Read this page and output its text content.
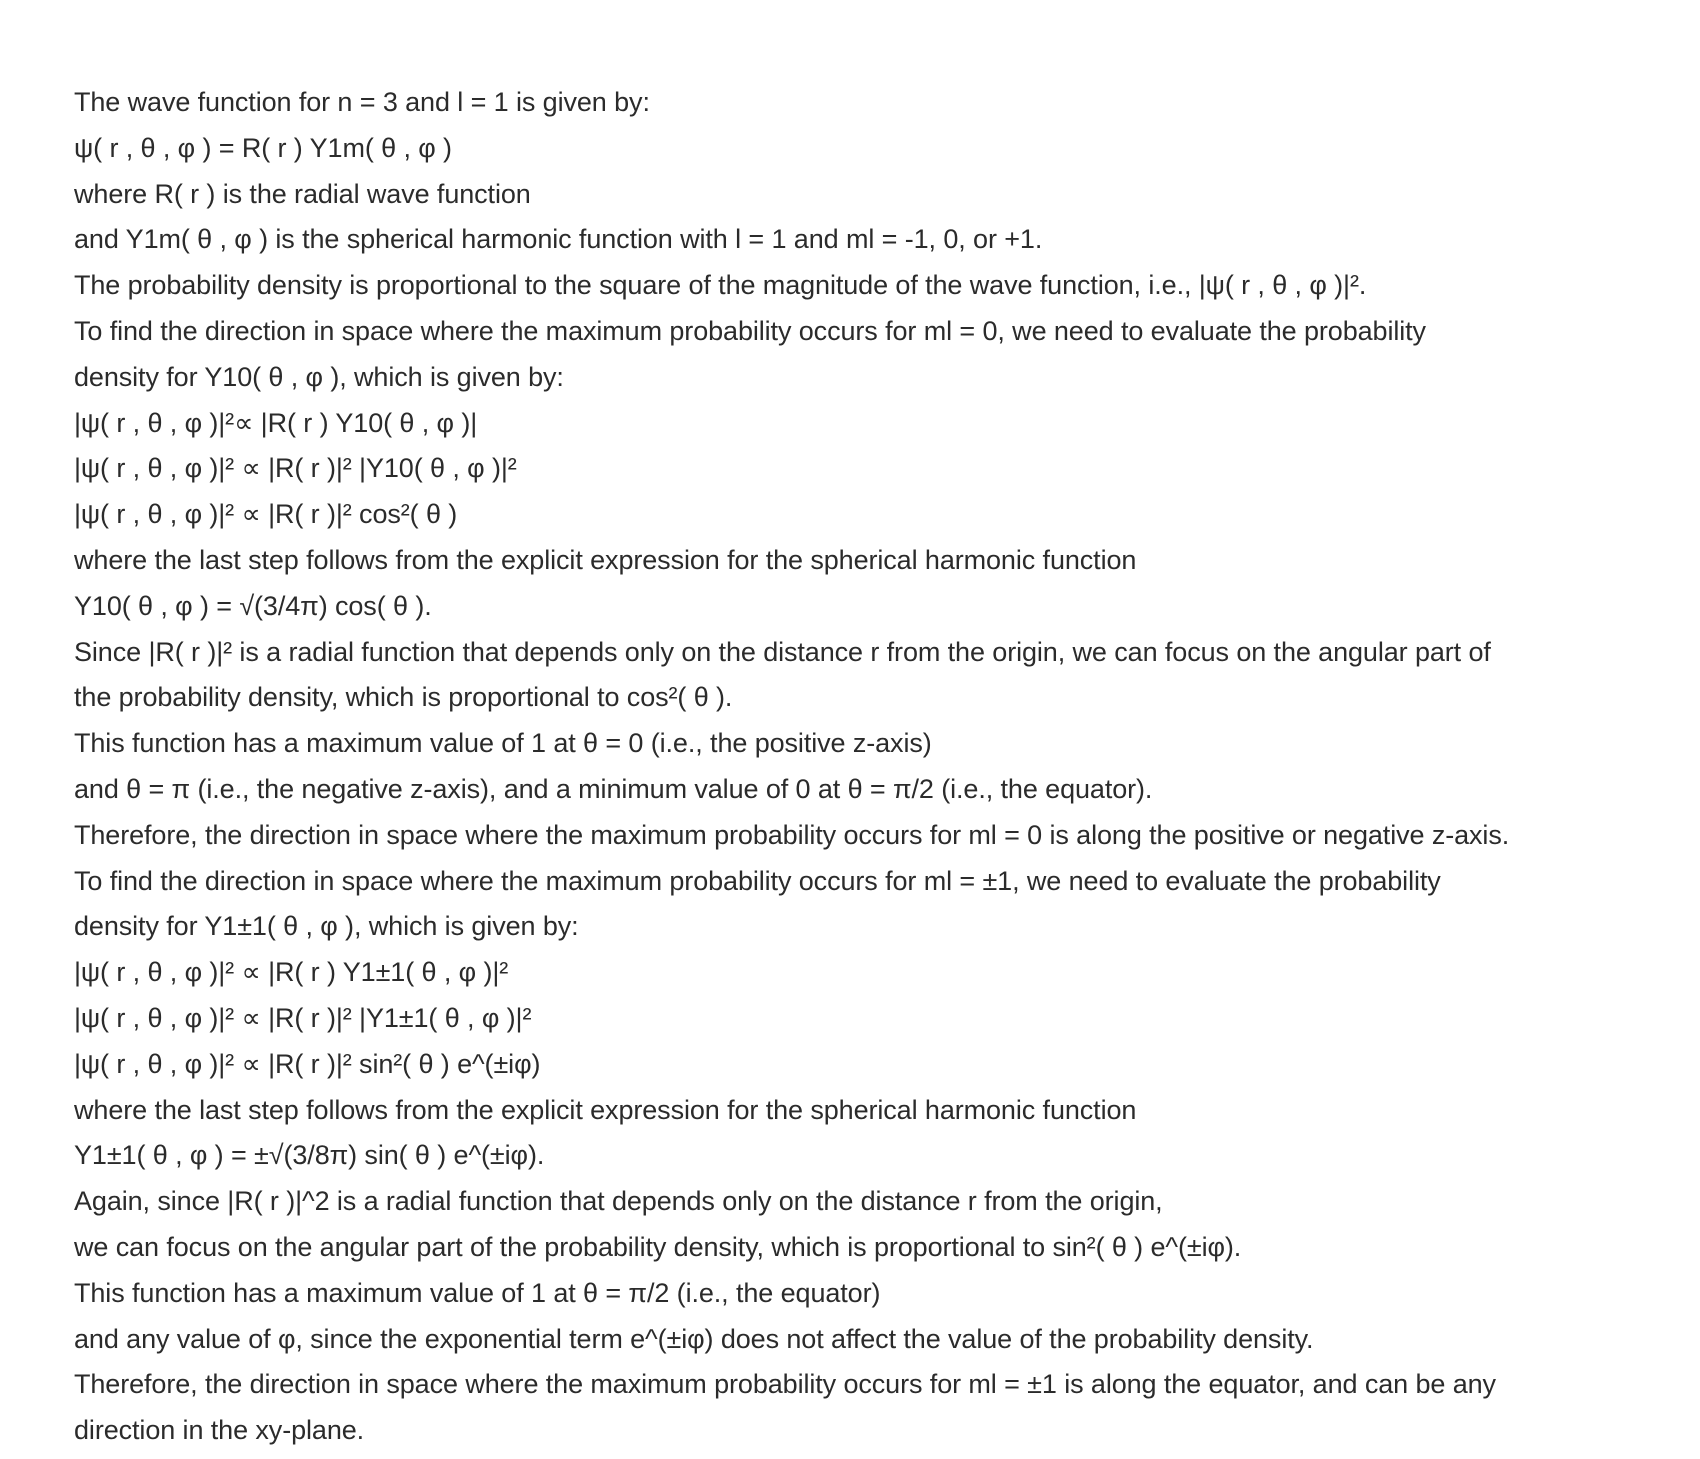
The wave function for n = 3 and l = 1 is given by:
ψ( r , θ , φ ) = R( r ) Y1m( θ , φ )
where R( r ) is the radial wave function
and Y1m( θ , φ ) is the spherical harmonic function with l = 1 and ml = -1, 0, or +1.
The probability density is proportional to the square of the magnitude of the wave function, i.e., |ψ( r , θ , φ )|².
To find the direction in space where the maximum probability occurs for ml = 0, we need to evaluate the probability
density for Y10( θ , φ ), which is given by:
|ψ( r , θ , φ )|²∝ |R( r ) Y10( θ , φ )|
|ψ( r , θ , φ )|² ∝ |R( r )|² |Y10( θ , φ )|²
|ψ( r , θ , φ )|² ∝ |R( r )|² cos²( θ )
where the last step follows from the explicit expression for the spherical harmonic function
Y10( θ , φ ) = √(3/4π) cos( θ ).
Since |R( r )|² is a radial function that depends only on the distance r from the origin, we can focus on the angular part of
the probability density, which is proportional to cos²( θ ).
This function has a maximum value of 1 at θ = 0 (i.e., the positive z-axis)
and θ = π (i.e., the negative z-axis), and a minimum value of 0 at θ = π/2 (i.e., the equator).
Therefore, the direction in space where the maximum probability occurs for ml = 0 is along the positive or negative z-axis.
To find the direction in space where the maximum probability occurs for ml = ±1, we need to evaluate the probability
density for Y1±1( θ , φ ), which is given by:
|ψ( r , θ , φ )|² ∝ |R( r ) Y1±1( θ , φ )|²
|ψ( r , θ , φ )|² ∝ |R( r )|² |Y1±1( θ , φ )|²
|ψ( r , θ , φ )|² ∝ |R( r )|² sin²( θ ) e^(±iφ)
where the last step follows from the explicit expression for the spherical harmonic function
Y1±1( θ , φ ) = ±√(3/8π) sin( θ ) e^(±iφ).
Again, since |R( r )|^2 is a radial function that depends only on the distance r from the origin,
we can focus on the angular part of the probability density, which is proportional to sin²( θ ) e^(±iφ).
This function has a maximum value of 1 at θ = π/2 (i.e., the equator)
and any value of φ, since the exponential term e^(±iφ) does not affect the value of the probability density.
Therefore, the direction in space where the maximum probability occurs for ml = ±1 is along the equator, and can be any
direction in the xy-plane.
